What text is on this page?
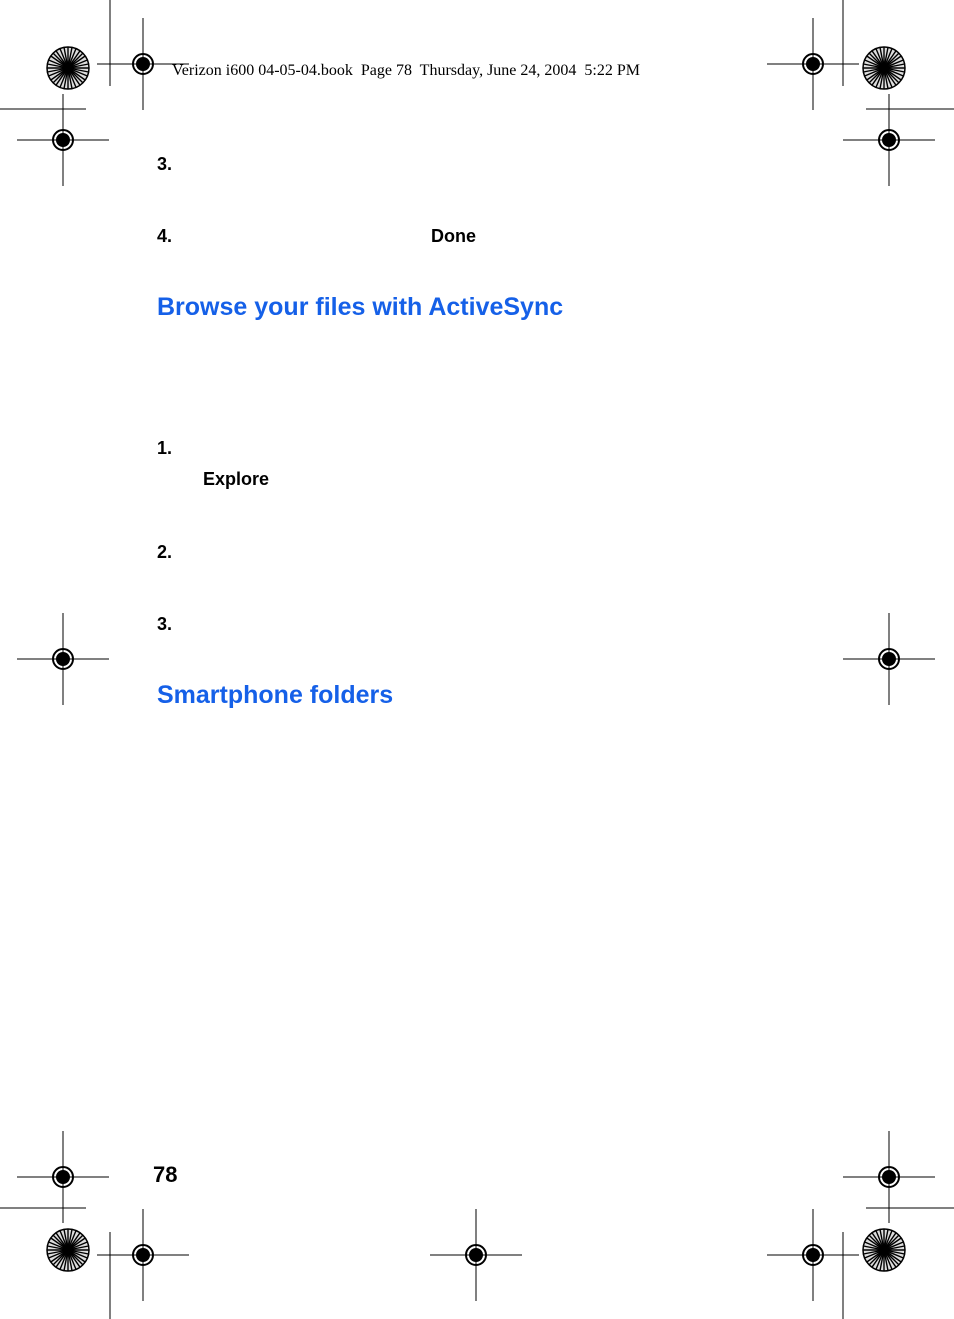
Verizon i600 04-05-04.book  Page 78  Thursday, June 24, 2004  5:22 PM
3.
4.	Done
Browse your files with ActiveSync
1.
Explore
2.
3.
Smartphone folders
78
